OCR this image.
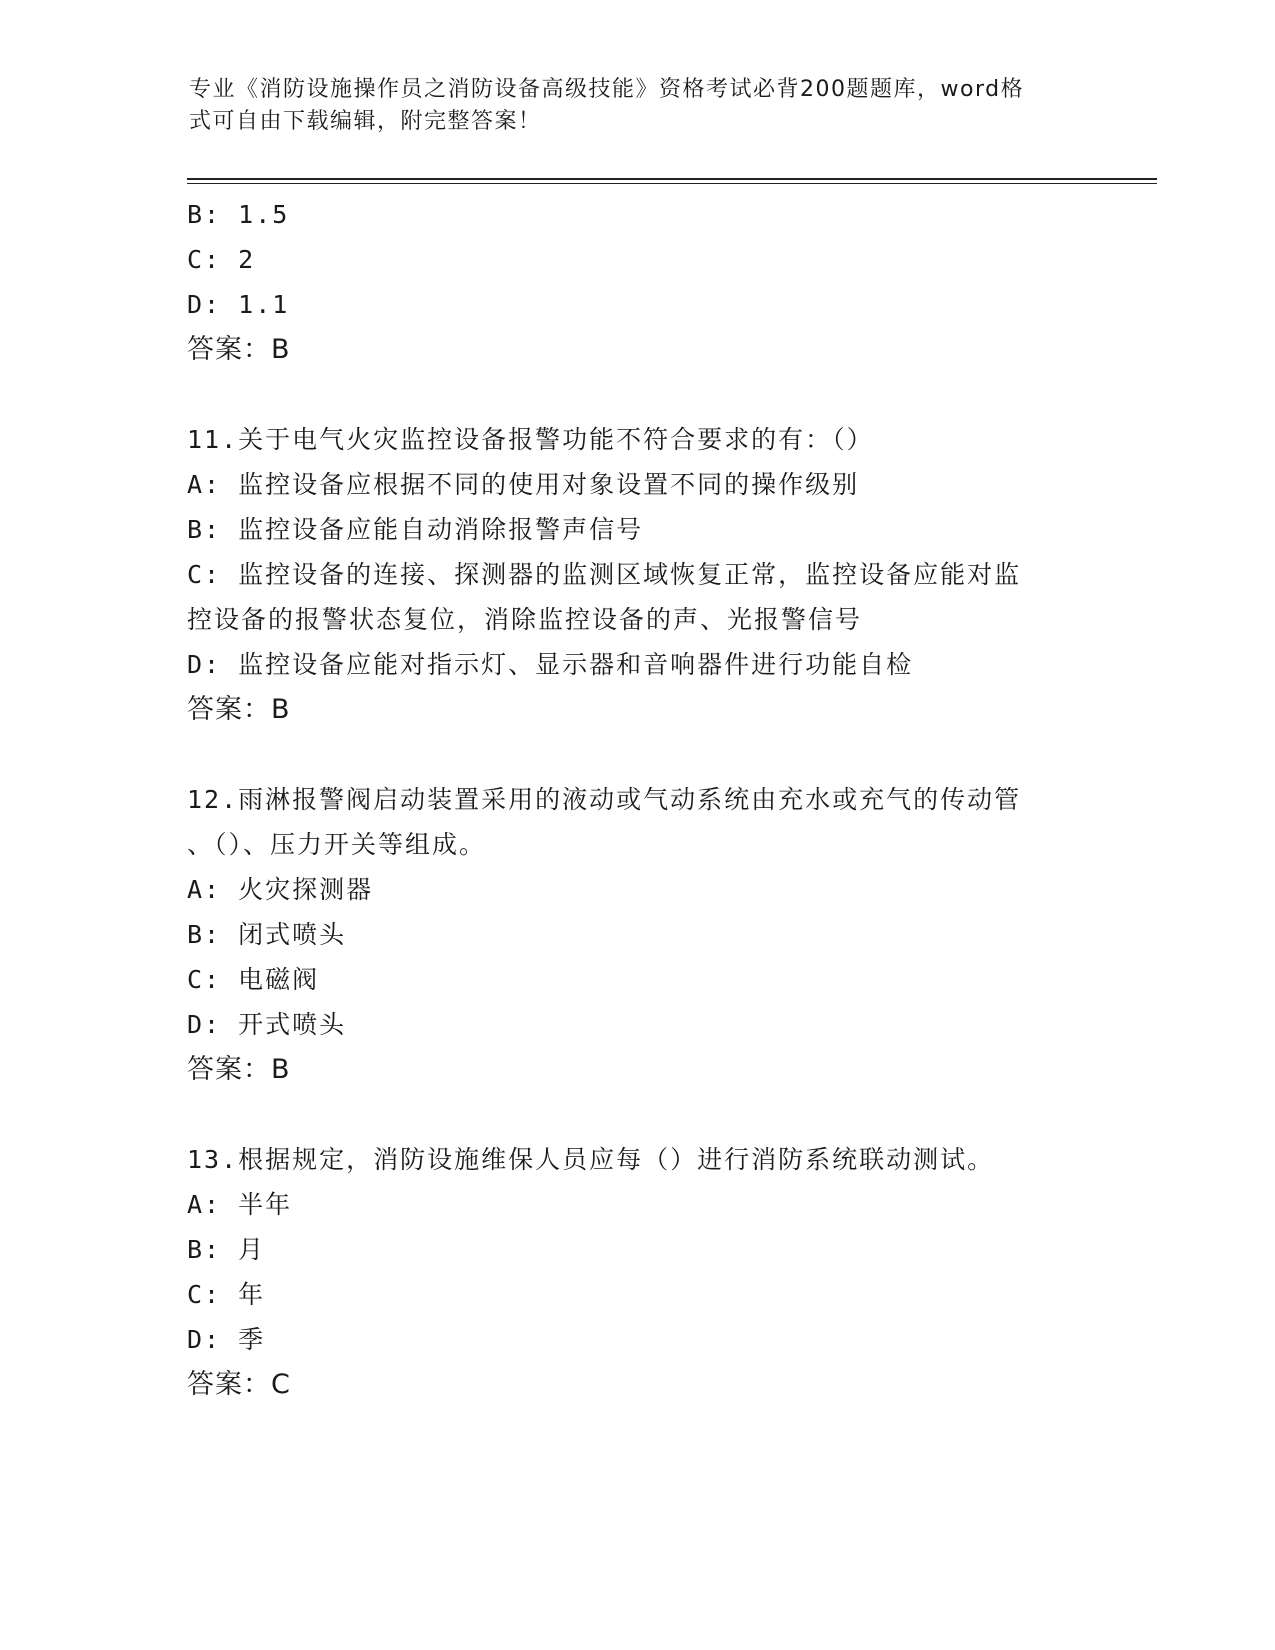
专业《消防设施操作员之消防设备高级技能》资格考试必背200题题库，word格
式可自由下载编辑，附完整答案！
B: 1.5
C: 2
D: 1.1
答案：B
11.关于电气火灾监控设备报警功能不符合要求的有：（）
A: 监控设备应根据不同的使用对象设置不同的操作级别
B: 监控设备应能自动消除报警声信号
C: 监控设备的连接、探测器的监测区域恢复正常，监控设备应能对监
控设备的报警状态复位，消除监控设备的声、光报警信号
D: 监控设备应能对指示灯、显示器和音响器件进行功能自检
答案：B
12.雨淋报警阀启动装置采用的液动或气动系统由充水或充气的传动管
、（）、压力开关等组成。
A: 火灾探测器
B: 闭式喷头
C: 电磁阀
D: 开式喷头
答案：B
13.根据规定，消防设施维保人员应每（）进行消防系统联动测试。
A: 半年
B: 月
C: 年
D: 季
答案：C
